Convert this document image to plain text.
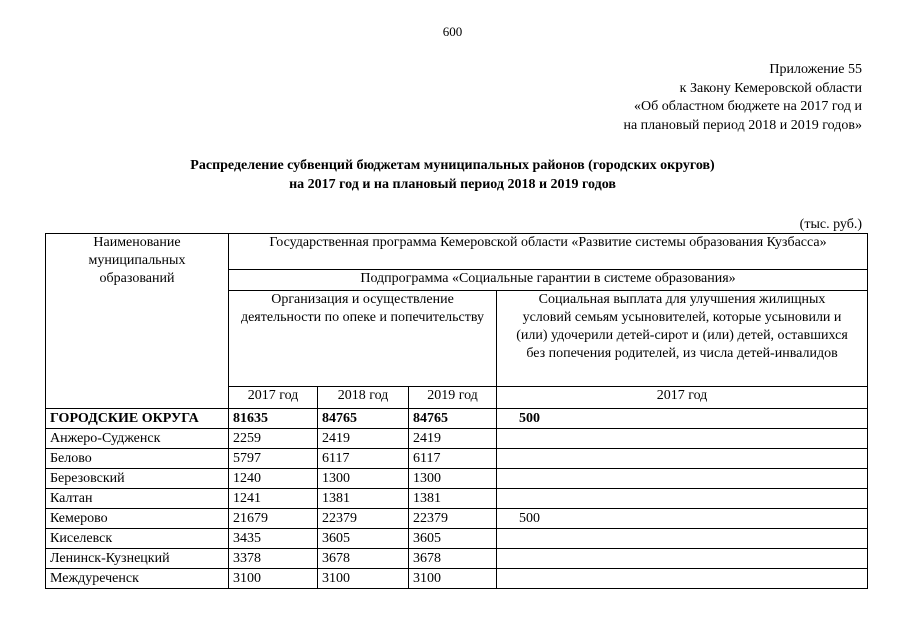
600
Приложение 55
к Закону Кемеровской области
«Об областном бюджете на 2017 год и
на плановый период 2018 и 2019 годов»
Распределение субвенций бюджетам муниципальных районов (городских округов)
на 2017 год и на плановый период 2018 и 2019 годов
(тыс. руб.)
Наименование
муниципальных
образований	Государственная программа Кемеровской области «Развитие системы образования Кузбасса»			
	Подпрограмма «Социальные гарантии в системе образования»			

	Организация и осуществление
деятельности по опеке и попечительству			Социальная выплата для улучшения жилищных
условий семьям усыновителей, которые усыновили и
(или) удочерили детей-сирот и (или) детей, оставшихся
без попечения родителей, из числа детей-инвалидов

	2017 год	2018 год	2019 год	2017 год
ГОРОДСКИЕ ОКРУГА	81635	84765	84765	500
Анжеро-Судженск	2259	2419	2419	
Белово	5797	6117	6117	
Березовский	1240	1300	1300	
Калтан	1241	1381	1381	
Кемерово	21679	22379	22379	500
Киселевск	3435	3605	3605	
Ленинск-Кузнецкий	3378	3678	3678	
Междуреченск	3100	3100	3100	
